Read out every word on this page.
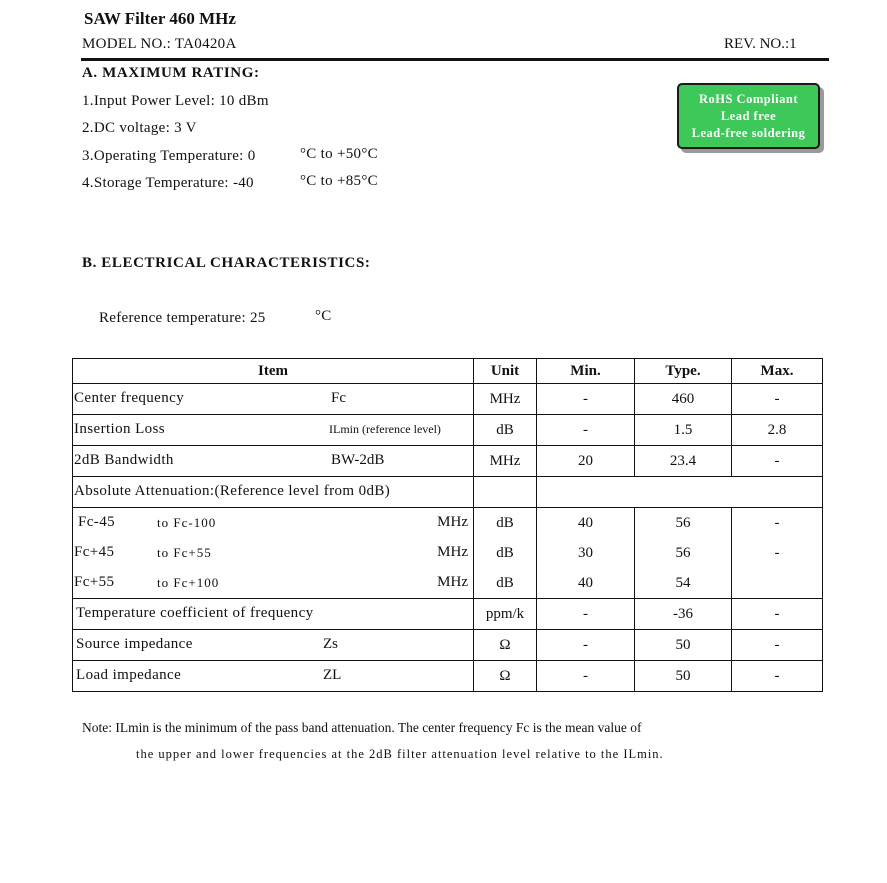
SAW Filter 460 MHz
MODEL NO.: TA0420A	REV. NO.:1
RoHS Compliant
Lead free
Lead-free soldering
A. MAXIMUM RATING:
1.Input Power Level: 10 dBm
2.DC voltage: 3 V
3.Operating Temperature: 0	°C to +50°C
4.Storage Temperature: -40	°C to +85°C
B. ELECTRICAL CHARACTERISTICS:
Reference temperature: 25	°C
Item	Unit	Min.	Type.	Max.

Center frequency Fc	MHz	-	460	-

Insertion Loss ILmin (reference level)	dB	-	1.5	2.8

2dB Bandwidth BW-2dB	MHz	20	23.4	-

Absolute Attenuation:(Reference level from 0dB)				

Fc-45 to Fc-100 MHz	dB	40	56	-

Fc+45 to Fc+55 MHz	dB	30	56	-

Fc+55 to Fc+100 MHz	dB	40	54	

Temperature coefficient of frequency	ppm/k	-	-36	-

Source impedance Zs	Ω	-	50	-

Load impedance ZL	Ω	-	50	-
Note: ILmin is the minimum of the pass band attenuation. The center frequency Fc is the mean value of
the upper and lower frequencies at the 2dB filter attenuation level relative to the ILmin.
